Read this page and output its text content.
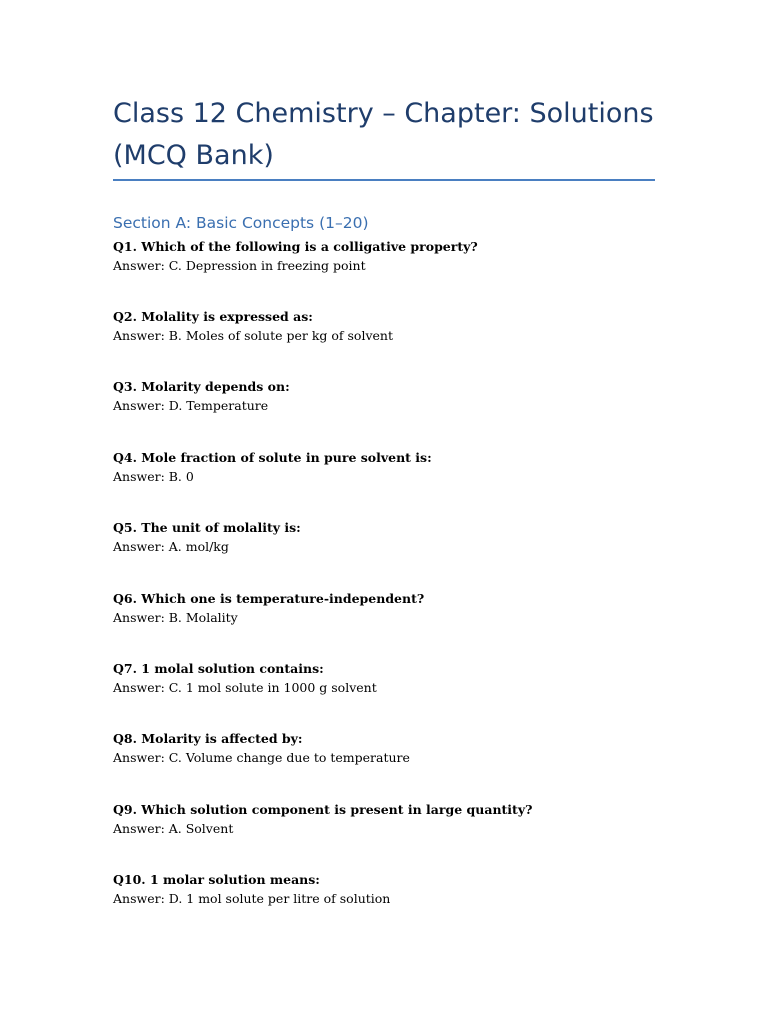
Class 12 Chemistry – Chapter: Solutions (MCQ Bank)
Section A: Basic Concepts (1–20)
Q1. Which of the following is a colligative property?
Answer: C. Depression in freezing point
Q2. Molality is expressed as:
Answer: B. Moles of solute per kg of solvent
Q3. Molarity depends on:
Answer: D. Temperature
Q4. Mole fraction of solute in pure solvent is:
Answer: B. 0
Q5. The unit of molality is:
Answer: A. mol/kg
Q6. Which one is temperature-independent?
Answer: B. Molality
Q7. 1 molal solution contains:
Answer: C. 1 mol solute in 1000 g solvent
Q8. Molarity is affected by:
Answer: C. Volume change due to temperature
Q9. Which solution component is present in large quantity?
Answer: A. Solvent
Q10. 1 molar solution means:
Answer: D. 1 mol solute per litre of solution
